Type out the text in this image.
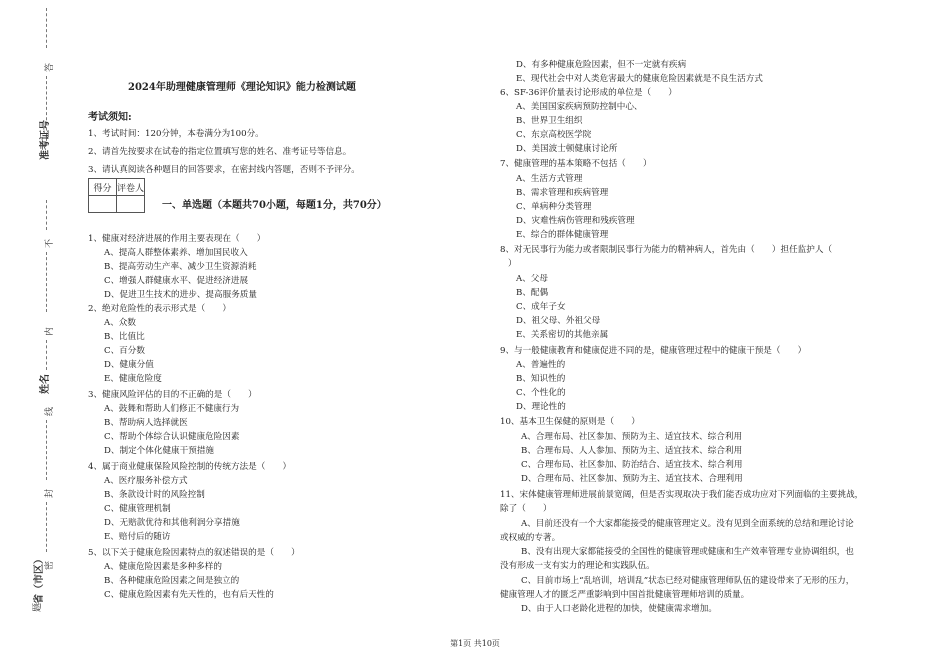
答
准考证号
不
内
姓名
线
封
密
省（市区）
题
2024年助理健康管理师《理论知识》能力检测试题
考试须知:
1、考试时间：120分钟，本卷满分为100分。
2、请首先按要求在试卷的指定位置填写您的姓名、准考证号等信息。
3、请认真阅读各种题目的回答要求，在密封线内答题，否则不予评分。
得分	评卷人

一、单选题（本题共70小题，每题1分，共70分）
1、健康对经济进展的作用主要表现在（　　）
A、提高人群整体素养、增加国民收入
B、提高劳动生产率、减少卫生资源消耗
C、增强人群健康水平、促进经济进展
D、促进卫生技术的进步、提高服务质量
2、绝对危险性的表示形式是（　　）
A、众数
B、比值比
C、百分数
D、健康分值
E、健康危险度
3、健康风险评估的目的不正确的是（　　）
A、鼓舞和帮助人们修正不健康行为
B、帮助病人选择就医
C、帮助个体综合认识健康危险因素
D、制定个体化健康干预措施
4、属于商业健康保险风险控制的传统方法是（　　）
A、医疗服务补偿方式
B、条款设计时的风险控制
C、健康管理机制
D、无赔款优待和其他利润分享措施
E、赔付后的随访
5、以下关于健康危险因素特点的叙述错误的是（　　）
A、健康危险因素是多种多样的
B、各种健康危险因素之间是独立的
C、健康危险因素有先天性的，也有后天性的
D、有多种健康危险因素，但不一定就有疾病
E、现代社会中对人类危害最大的健康危险因素就是不良生活方式
6、SF-36评价量表讨论形成的单位是（　　）
A、美国国家疾病预防控制中心、
B、世界卫生组织
C、东京高校医学院
D、美国波士顿健康讨论所
7、健康管理的基本策略不包括（　　）
A、生活方式管理
B、需求管理和疾病管理
C、单病种分类管理
D、灾难性病伤管理和残疾管理
E、综合的群体健康管理
8、对无民事行为能力或者限制民事行为能力的精神病人，首先由（　　）担任监护人（
）
A、父母
B、配偶
C、成年子女
D、祖父母、外祖父母
E、关系密切的其他亲属
9、与一般健康教育和健康促进不同的是，健康管理过程中的健康干预是（　　）
A、普遍性的
B、知识性的
C、个性化的
D、理论性的
10、基本卫生保健的原则是（　　）
A、合理布局、社区参加、预防为主、适宜技术、综合利用
B、合理布局、人人参加、预防为主、适宜技术、综合利用
C、合理布局、社区参加、防治结合、适宜技术、综合利用
D、合理布局、社区参加、预防为主、适宜技术、合理利用
11、宋体健康管理师进展前景宽阔，但是否实现取决于我们能否成功应对下列面临的主要挑战，
除了（　　）
A、目前还没有一个大家都能接受的健康管理定义。没有见到全面系统的总结和理论讨论
或权威的专著。
B、没有出现大家都能接受的全国性的健康管理或健康和生产效率管理专业协调组织，也
没有形成一支有实力的理论和实践队伍。
C、目前市场上“乱培训，培训乱”状态已经对健康管理师队伍的建设带来了无形的压力，
健康管理人才的匮乏严重影响到中国首批健康管理师培训的质量。
D、由于人口老龄化进程的加快，使健康需求增加。
第1页 共10页
